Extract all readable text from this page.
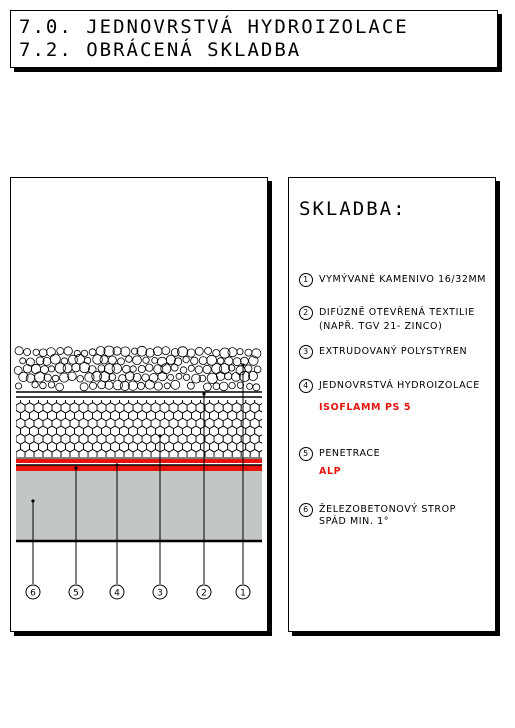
7.0. JEDNOVRSTVÁ HYDROIZOLACE
7.2. OBRÁCENÁ SKLADBA
6	5	4	3	2	1
SKLADBA:
1	VYMÝVANÉ KAMENIVO 16/32MM
2	DIFÚZNĚ OTEVŘENÁ TEXTILIE
(NAPŘ. TGV 21- ZINCO)
3	EXTRUDOVANÝ POLYSTYREN
4	JEDNOVRSTVÁ HYDROIZOLACE
ISOFLAMM PS 5
5	PENETRACE
ALP
6	ŽELEZOBETONOVÝ STROP
SPÁD MIN. 1°
